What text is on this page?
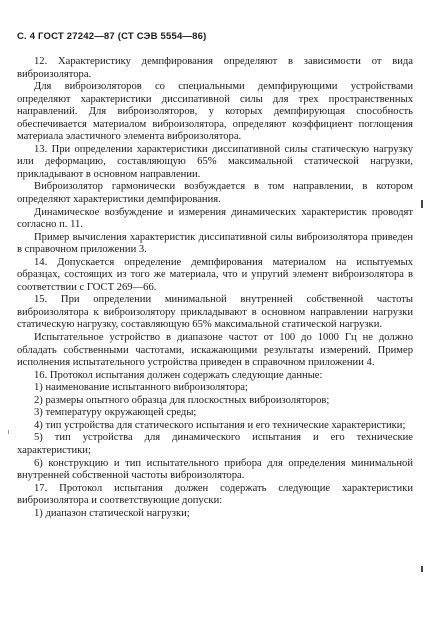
С. 4 ГОСТ 27242—87 (СТ СЭВ 5554—86)

12. Характеристику демпфирования определяют в зависимости от вида виброизолятора.

Для виброизоляторов со специальными демпфирующими устройствами определяют характеристики диссипативной силы для трех пространственных направлений. Для виброизоляторов, у которых демпфирующая способность обеспечивается материалом виброизолятора, определяют коэффициент поглощения материала эластичного элемента виброизолятора.

13. При определении характеристики диссипативной силы статическую нагрузку или деформацию, составляющую 65% максимальной статической нагрузки, прикладывают в основном направлении.

Виброизолятор гармонически возбуждается в том направлении, в котором определяют характеристики демпфирования.

Динамическое возбуждение и измерения динамических характеристик проводят согласно п. 11.

Пример вычисления характеристик диссипативной силы виброизолятора приведен в справочном приложении 3.

14. Допускается определение демпфирования материалом на испытуемых образцах, состоящих из того же материала, что и упругий элемент виброизолятора в соответствии с ГОСТ 269—66.

15. При определении минимальной внутренней собственной частоты виброизолятора к виброизолятору прикладывают в основном направлении нагрузки статическую нагрузку, составляющую 65% максимальной статической нагрузки.

Испытательное устройство в диапазоне частот от 100 до 1000 Гц не должно обладать собственными частотами, искажающими результаты измерений. Пример исполнения испытательного устройства приведен в справочном приложении 4.

16. Протокол испытания должен содержать следующие данные:

1) наименование испытанного виброизолятора;

2) размеры опытного образца для плоскостных виброизоляторов;

3) температуру окружающей среды;

4) тип устройства для статического испытания и его технические характеристики;

5) тип устройства для динамического испытания и его технические характеристики;

6) конструкцию и тип испытательного прибора для определения минимальной внутренней собственной частоты виброизолятора.

17. Протокол испытания должен содержать следующие характеристики виброизолятора и соответствующие допуски:

1) диапазон статической нагрузки;
